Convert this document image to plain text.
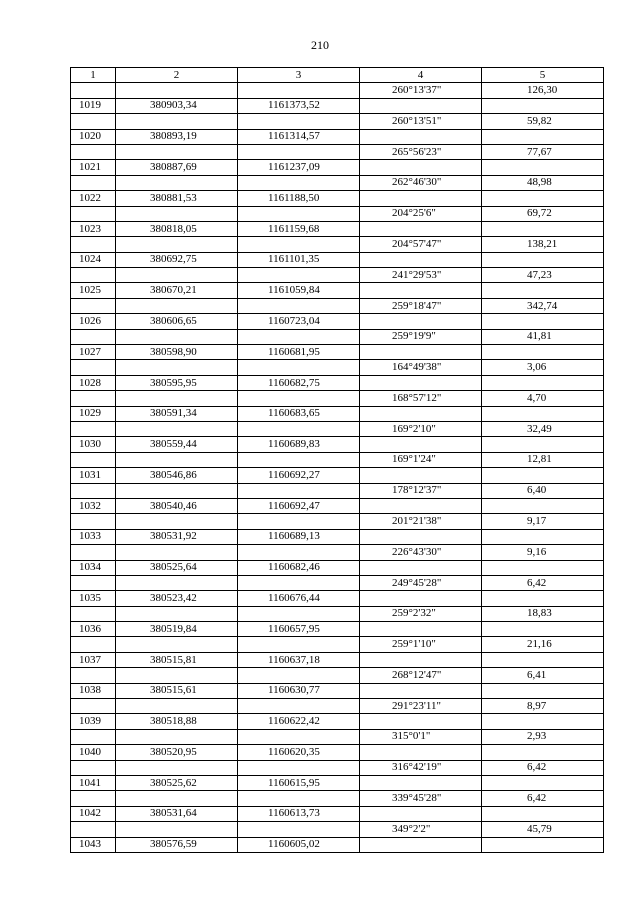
210
1	2	3	4	5
			260°13'37"	126,30
1019	380903,34	1161373,52		
			260°13'51"	59,82
1020	380893,19	1161314,57		
			265°56'23"	77,67
1021	380887,69	1161237,09		
			262°46'30"	48,98
1022	380881,53	1161188,50		
			204°25'6"	69,72
1023	380818,05	1161159,68		
			204°57'47"	138,21
1024	380692,75	1161101,35		
			241°29'53"	47,23
1025	380670,21	1161059,84		
			259°18'47"	342,74
1026	380606,65	1160723,04		
			259°19'9"	41,81
1027	380598,90	1160681,95		
			164°49'38"	3,06
1028	380595,95	1160682,75		
			168°57'12"	4,70
1029	380591,34	1160683,65		
			169°2'10"	32,49
1030	380559,44	1160689,83		
			169°1'24"	12,81
1031	380546,86	1160692,27		
			178°12'37"	6,40
1032	380540,46	1160692,47		
			201°21'38"	9,17
1033	380531,92	1160689,13		
			226°43'30"	9,16
1034	380525,64	1160682,46		
			249°45'28"	6,42
1035	380523,42	1160676,44		
			259°2'32"	18,83
1036	380519,84	1160657,95		
			259°1'10"	21,16
1037	380515,81	1160637,18		
			268°12'47"	6,41
1038	380515,61	1160630,77		
			291°23'11"	8,97
1039	380518,88	1160622,42		
			315°0'1"	2,93
1040	380520,95	1160620,35		
			316°42'19"	6,42
1041	380525,62	1160615,95		
			339°45'28"	6,42
1042	380531,64	1160613,73		
			349°2'2"	45,79
1043	380576,59	1160605,02		
